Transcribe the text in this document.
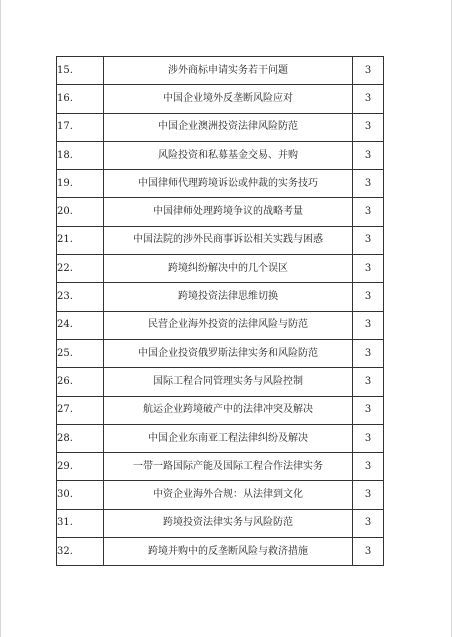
15.	涉外商标申请实务若干问题	3
16.	中国企业境外反垄断风险应对	3
17.	中国企业澳洲投资法律风险防范	3
18.	风险投资和私募基金交易、并购	3
19.	中国律师代理跨境诉讼或仲裁的实务技巧	3
20.	中国律师处理跨境争议的战略考量	3
21.	中国法院的涉外民商事诉讼相关实践与困惑	3
22.	跨境纠纷解决中的几个误区	3
23.	跨境投资法律思维切换	3
24.	民营企业海外投资的法律风险与防范	3
25.	中国企业投资俄罗斯法律实务和风险防范	3
26.	国际工程合同管理实务与风险控制	3
27.	航运企业跨境破产中的法律冲突及解决	3
28.	中国企业东南亚工程法律纠纷及解决	3
29.	一带一路国际产能及国际工程合作法律实务	3
30.	中资企业海外合规：从法律到文化	3
31.	跨境投资法律实务与风险防范	3
32.	跨境并购中的反垄断风险与救济措施	3
